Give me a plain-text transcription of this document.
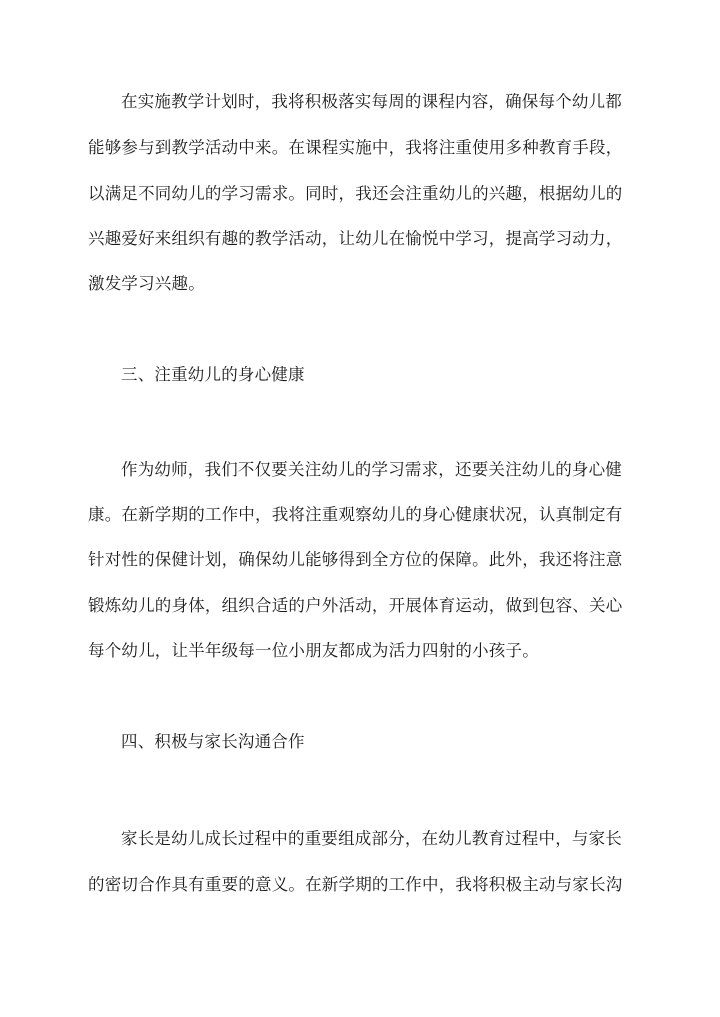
在实施教学计划时，我将积极落实每周的课程内容，确保每个幼儿都
能够参与到教学活动中来。在课程实施中，我将注重使用多种教育手段，
以满足不同幼儿的学习需求。同时，我还会注重幼儿的兴趣，根据幼儿的
兴趣爱好来组织有趣的教学活动，让幼儿在愉悦中学习，提高学习动力，
激发学习兴趣。
三、注重幼儿的身心健康
作为幼师，我们不仅要关注幼儿的学习需求，还要关注幼儿的身心健
康。在新学期的工作中，我将注重观察幼儿的身心健康状况，认真制定有
针对性的保健计划，确保幼儿能够得到全方位的保障。此外，我还将注意
锻炼幼儿的身体，组织合适的户外活动，开展体育运动，做到包容、关心
每个幼儿，让半年级每一位小朋友都成为活力四射的小孩子。
四、积极与家长沟通合作
家长是幼儿成长过程中的重要组成部分，在幼儿教育过程中，与家长
的密切合作具有重要的意义。在新学期的工作中，我将积极主动与家长沟
